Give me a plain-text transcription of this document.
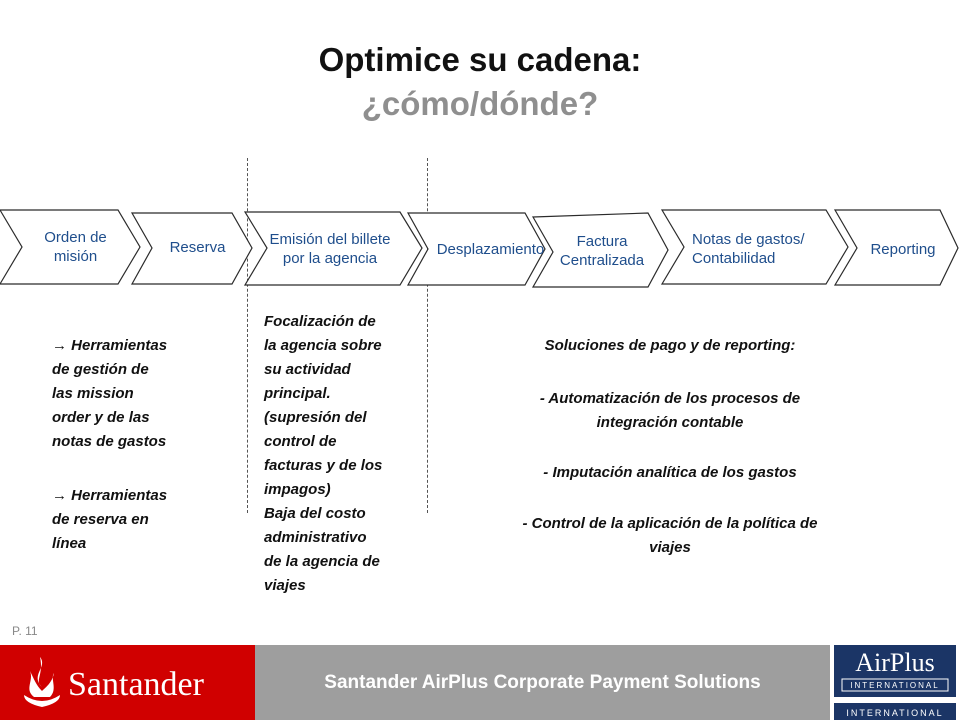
Optimice su cadena:
¿cómo/dónde?
Orden de
misión
Reserva	Emisión del billete
por la agencia
Desplazamiento	Factura
Centralizada
Notas de gastos/
Contabilidad
Reporting
→ Herramientas
de gestión de
las mission
order y de las
notas de gastos
→ Herramientas
de reserva en
línea
Focalización de
la agencia sobre
su actividad
principal.
(supresión del
control de
facturas y de los
impagos)
Baja del costo
administrativo
de la agencia de
viajes
Soluciones de pago y de reporting:
- Automatización de los procesos de
integración contable
- Imputación analítica de los gastos
- Control de la aplicación de la política de
viajes
P. 11
Santander	Santander AirPlus Corporate Payment Solutions
AirPlus
INTERNATIONAL
INTERNATIONAL
